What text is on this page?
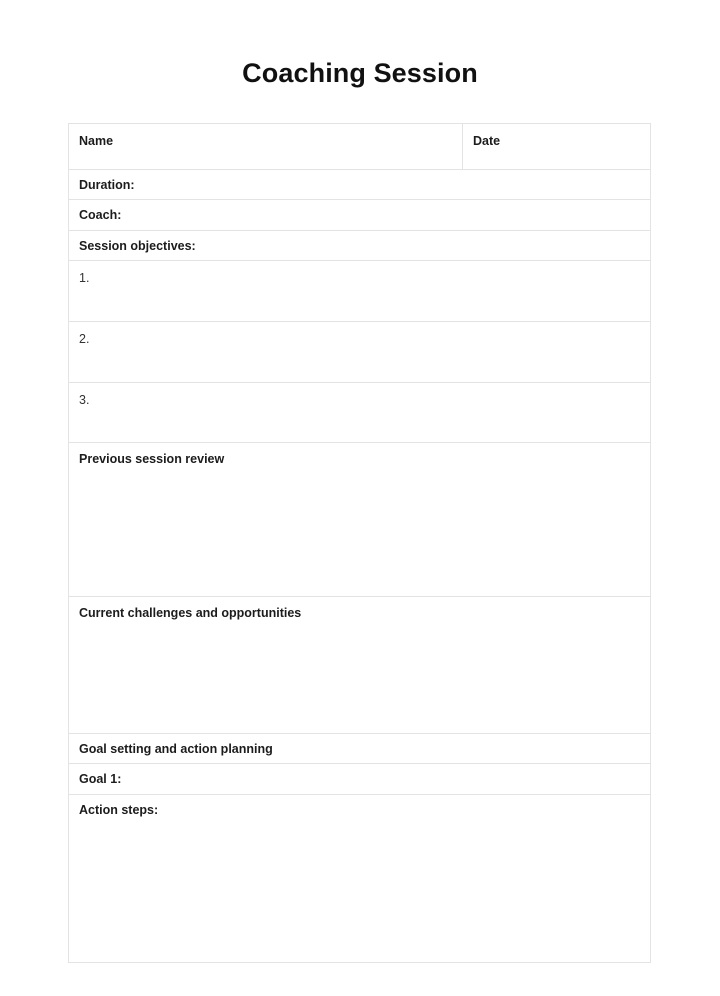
Coaching Session
Name	Date
Duration:
Coach:
Session objectives:
1.
2.
3.
Previous session review
Current challenges and opportunities
Goal setting and action planning
Goal 1:
Action steps:
